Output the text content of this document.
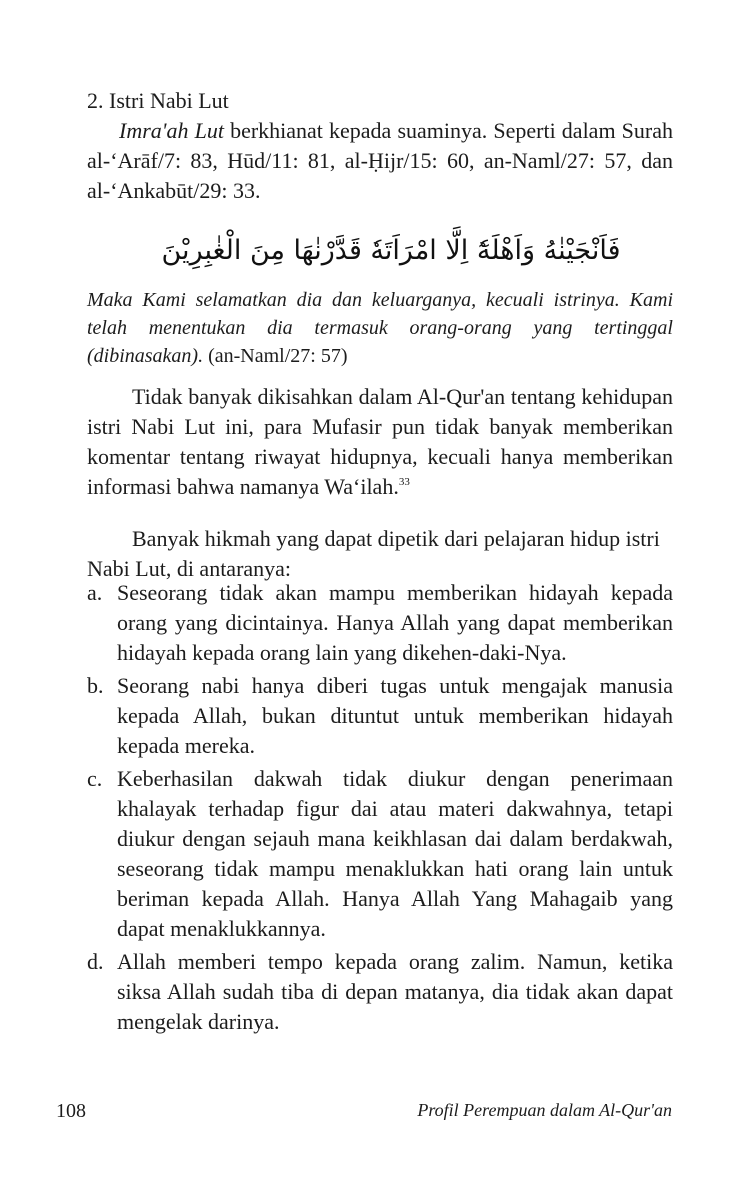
2. Istri Nabi Lut
Imra'ah Lut berkhianat kepada suaminya. Seperti dalam Surah al-‘Arāf/7: 83, Hūd/11: 81, al-Ḥijr/15: 60, an-Naml/27: 57, dan al-‘Ankabūt/29: 33.
فَاَنْجَيْنٰهُ وَاَهْلَهٗٓ اِلَّا امْرَاَتَهٗ قَدَّرْنٰهَا مِنَ الْغٰبِرِيْنَ
Maka Kami selamatkan dia dan keluarganya, kecuali istrinya. Kami telah menentukan dia termasuk orang-orang yang tertinggal (dibinasakan). (an-Naml/27: 57)
Tidak banyak dikisahkan dalam Al-Qur'an tentang kehidupan istri Nabi Lut ini, para Mufasir pun tidak banyak memberikan komentar tentang riwayat hidupnya, kecuali hanya memberikan informasi bahwa namanya Wa‘ilah.$^{33}$
Banyak hikmah yang dapat dipetik dari pelajaran hidup istri Nabi Lut, di antaranya:
a. Seseorang tidak akan mampu memberikan hidayah kepada orang yang dicintainya. Hanya Allah yang dapat memberikan hidayah kepada orang lain yang dikehen-daki-Nya.
b. Seorang nabi hanya diberi tugas untuk mengajak manusia kepada Allah, bukan dituntut untuk memberikan hidayah kepada mereka.
c. Keberhasilan dakwah tidak diukur dengan penerimaan khalayak terhadap figur dai atau materi dakwahnya, tetapi diukur dengan sejauh mana keikhlasan dai dalam berdakwah, seseorang tidak mampu menaklukkan hati orang lain untuk beriman kepada Allah. Hanya Allah Yang Mahagaib yang dapat menaklukkannya.
d. Allah memberi tempo kepada orang zalim. Namun, ketika siksa Allah sudah tiba di depan matanya, dia tidak akan dapat mengelak darinya.
108	Profil Perempuan dalam Al-Qur'an
